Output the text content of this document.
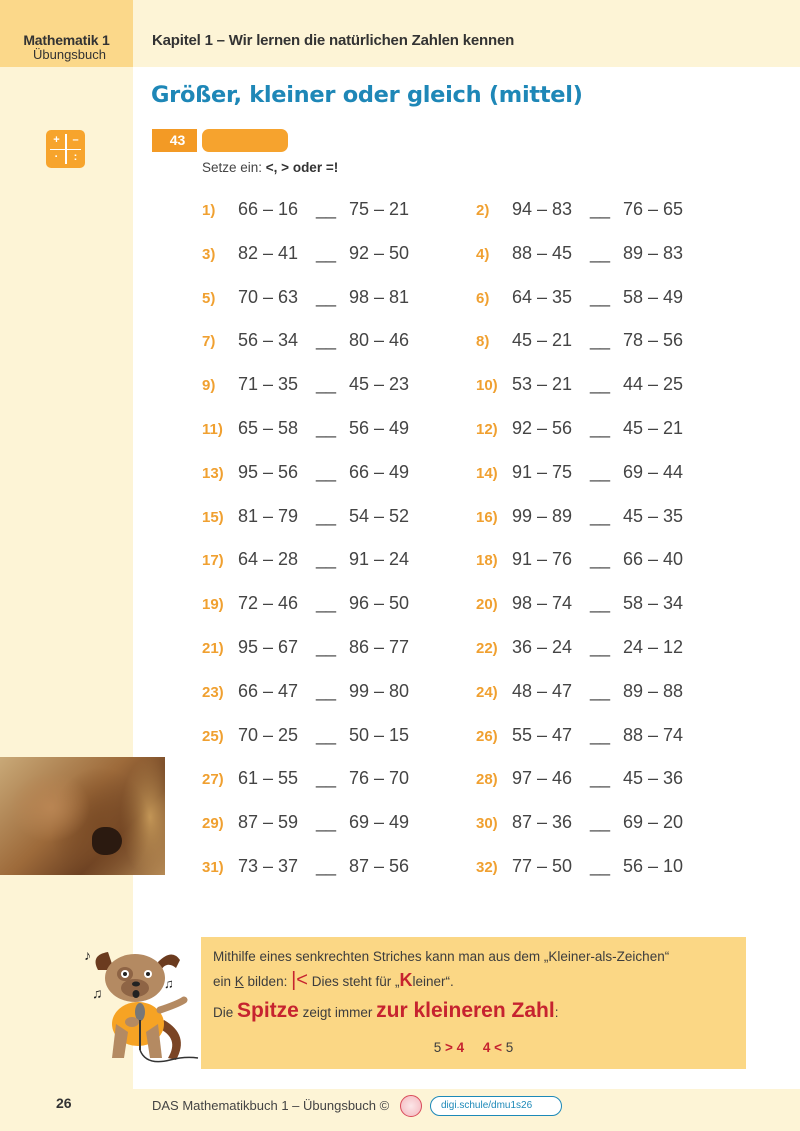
Mathematik 1
Übungsbuch
Kapitel 1 – Wir lernen die natürlichen Zahlen kennen
Größer, kleiner oder gleich (mittel)
+	–
·	:
43
Setze ein: <, > oder =!
1) 66 – 16 __ 75 – 21	2) 94 – 83 __ 76 – 65
3) 82 – 41 __ 92 – 50	4) 88 – 45 __ 89 – 83
5) 70 – 63 __ 98 – 81	6) 64 – 35 __ 58 – 49
7) 56 – 34 __ 80 – 46	8) 45 – 21 __ 78 – 56
9) 71 – 35 __ 45 – 23	10) 53 – 21 __ 44 – 25
11) 65 – 58 __ 56 – 49	12) 92 – 56 __ 45 – 21
13) 95 – 56 __ 66 – 49	14) 91 – 75 __ 69 – 44
15) 81 – 79 __ 54 – 52	16) 99 – 89 __ 45 – 35
17) 64 – 28 __ 91 – 24	18) 91 – 76 __ 66 – 40
19) 72 – 46 __ 96 – 50	20) 98 – 74 __ 58 – 34
21) 95 – 67 __ 86 – 77	22) 36 – 24 __ 24 – 12
23) 66 – 47 __ 99 – 80	24) 48 – 47 __ 89 – 88
25) 70 – 25 __ 50 – 15	26) 55 – 47 __ 88 – 74
27) 61 – 55 __ 76 – 70	28) 97 – 46 __ 45 – 36
29) 87 – 59 __ 69 – 49	30) 87 – 36 __ 69 – 20
31) 73 – 37 __ 87 – 56	32) 77 – 50 __ 56 – 10
♪
♫
♫
Mithilfe eines senkrechten Striches kann man aus dem „Kleiner-als-Zeichen“
ein K bilden: |< Dies steht für „Kleiner“.
Die Spitze zeigt immer zur kleineren Zahl:
5 > 4 4 < 5
26	DAS Mathematikbuch 1 – Übungsbuch ©	digi.schule/dmu1s26
